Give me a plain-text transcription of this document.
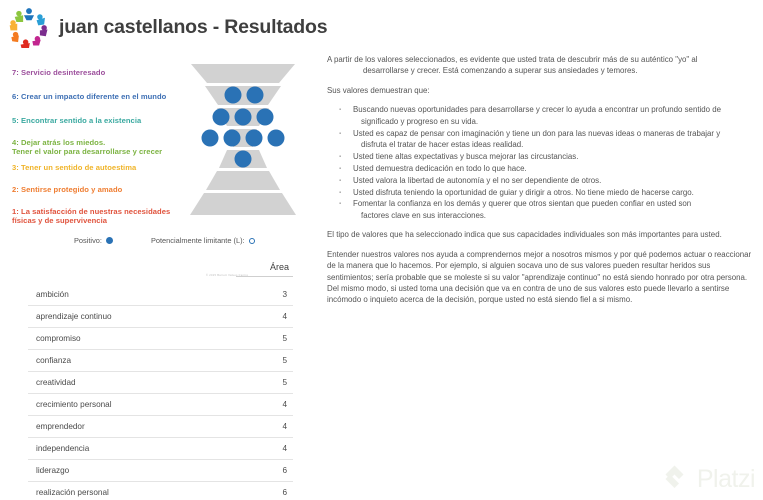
juan castellanos - Resultados
7: Servicio desinteresado
6: Crear un impacto diferente en el mundo
5: Encontrar sentido a la existencia
4: Dejar atrás los miedos.
Tener el valor para desarrollarse y crecer
3: Tener un sentido de autoestima
2: Sentirse protegido y amado
1: La satisfacción de nuestras necesidades
físicas y de supervivencia
© 2015 Barrett Values Centre
Positivo:	Potencialmente limitante (L):
	Área

ambición	3
aprendizaje continuo	4
compromiso	5
confianza	5
creatividad	5
crecimiento personal	4
emprendedor	4
independencia	4
liderazgo	6
realización personal	6

A partir de los valores seleccionados, es evidente que usted trata de descubrir más de su auténtico "yo" al
desarrollarse y crecer. Está comenzando a superar sus ansiedades y temores.

Sus valores demuestran que:

▪ Buscando nuevas oportunidades para desarrollarse y crecer lo ayuda a encontrar un profundo sentido de
significado y progreso en su vida.
▪ Usted es capaz de pensar con imaginación y tiene un don para las nuevas ideas o maneras de trabajar y
disfruta el tratar de hacer estas ideas realidad.
▪ Usted tiene altas expectativas y busca mejorar las circustancias.
▪ Usted demuestra dedicación en todo lo que hace.
▪ Usted valora la libertad de autonomía y el no ser dependiente de otros.
▪ Usted disfruta teniendo la oportunidad de guiar y dirigir a otros. No tiene miedo de hacerse cargo.
▪ Fomentar la confianza en los demás y querer que otros sientan que pueden confiar en usted son
factores clave en sus interacciones.

El tipo de valores que ha seleccionado indica que sus capacidades individuales son más importantes para usted.

Entender nuestros valores nos ayuda a comprendernos mejor a nosotros mismos y por qué podemos actuar o reaccionar de la manera que lo hacemos. Por ejemplo, si alguien socava uno de sus valores pueden resultar heridos sus sentimientos; sería probable que se moleste si su valor "aprendizaje continuo" no está siendo honrado por otra persona. Del mismo modo, si usted toma una decisión que va en contra de uno de sus valores esto puede llevarlo a sentirse incómodo o inquieto acerca de la decisión, porque usted no está siendo fiel a si mismo.

Platzi
